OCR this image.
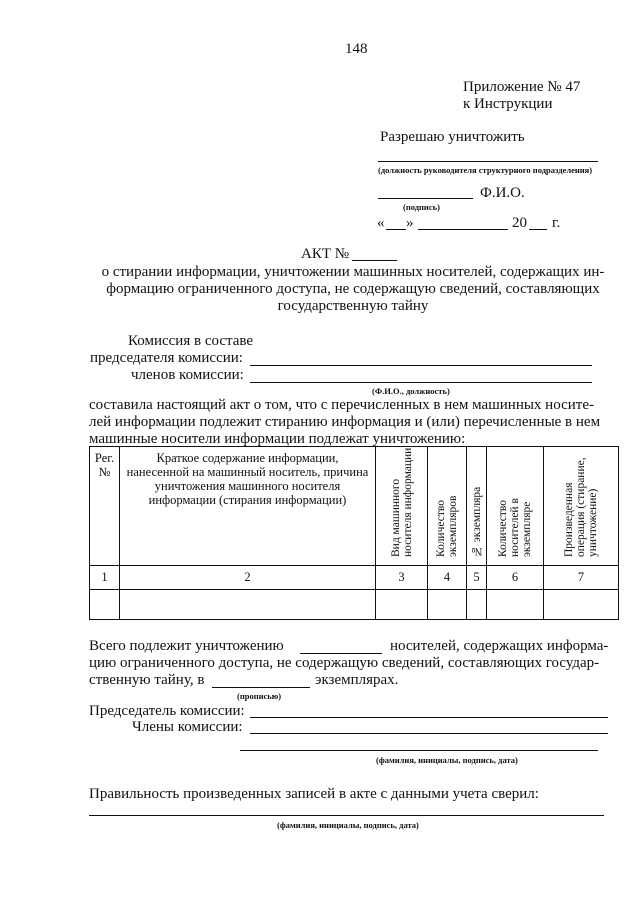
148
Приложение № 47
к Инструкции
Разрешаю уничтожить
(должность руководителя структурного подразделения)
Ф.И.О.
(подпись)
« »	20 г.
АКТ №
о стирании информации, уничтожении машинных носителей, содержащих ин-
формацию ограниченного доступа, не содержащую сведений, составляющих
государственную тайну
Комиссия в составе
председателя комиссии:
членов комиссии:
(Ф.И.О., должность)
составила настоящий акт о том, что с перечисленных в нем машинных носите-
лей информации подлежит стиранию информация и (или) перечисленные в нем
машинные носители информации подлежат уничтожению:
Рег. №	Краткое содержание информации, нанесенной на машинный носитель, причина уничтожения машинного носителя информации (стирания информации)	Вид машинного носителя информации	Количество экземпляров	№ экземпляра	Количество носителей в экземпляре	Произведенная операция (стирание, уничтожение)
1	2	3	4	5	6	7

Всего подлежит уничтожению	носителей, содержащих информа-
цию ограниченного доступа, не содержащую сведений, составляющих государ-
ственную тайну, в	экземплярах.
(прописью)
Председатель комиссии:
Члены комиссии:
(фамилия, инициалы, подпись, дата)
Правильность произведенных записей в акте с данными учета сверил:
(фамилия, инициалы, подпись, дата)
